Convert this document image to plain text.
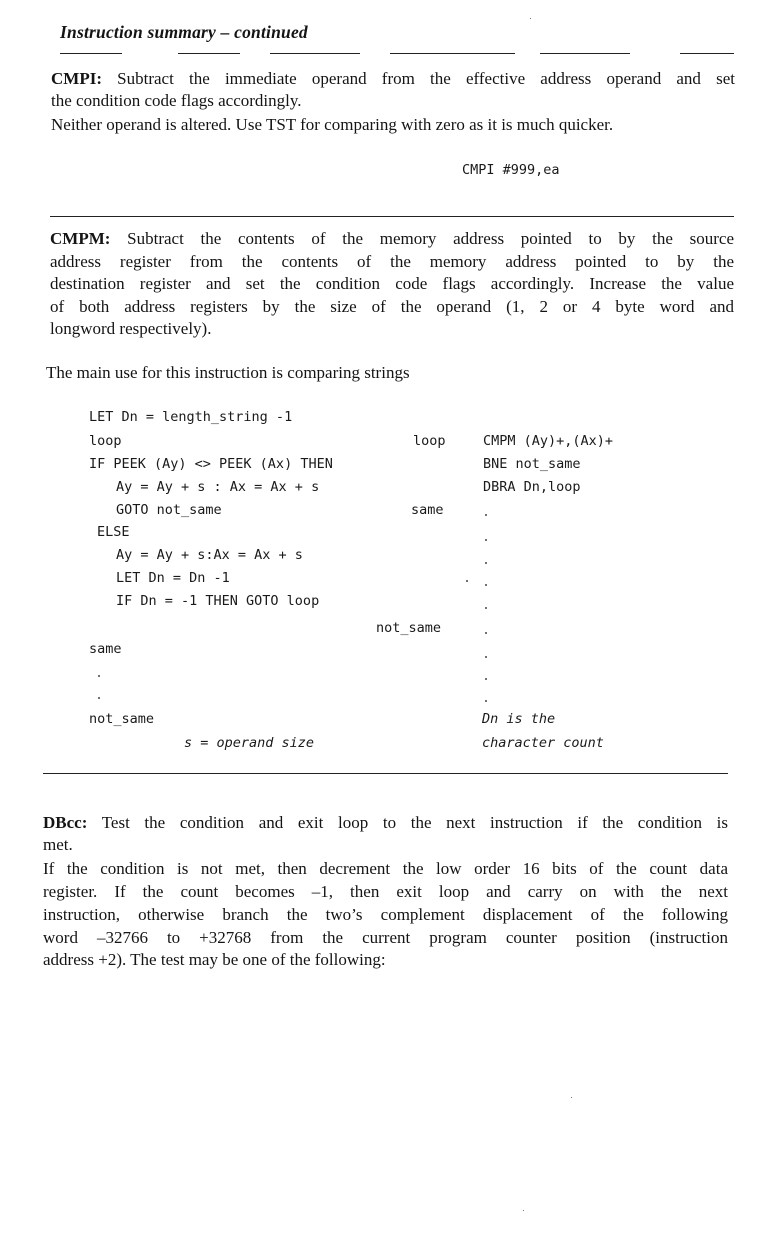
Instruction summary – continued
CMPI: Subtract the immediate operand from the effective address operand and set
the condition code flags accordingly.
Neither operand is altered. Use TST for comparing with zero as it is much quicker.
CMPI #999,ea
CMPM: Subtract the contents of the memory address pointed to by the source
address register from the contents of the memory address pointed to by the
destination register and set the condition code flags accordingly. Increase the value
of both address registers by the size of the operand (1, 2 or 4 byte word and
longword respectively).
The main use for this instruction is comparing strings
LET Dn = length_string -1
loop
IF PEEK (Ay) <> PEEK (Ax) THEN
Ay = Ay + s : Ax = Ax + s
GOTO not_same
ELSE
Ay = Ay + s:Ax = Ax + s
LET Dn = Dn -1
IF Dn = -1 THEN GOTO loop
same
not_same
s = operand size
loop
same
not_same
CMPM (Ay)+,(Ax)+
BNE not_same
DBRA Dn,loop
Dn is the
character count
DBcc: Test the condition and exit loop to the next instruction if the condition is
met.
If the condition is not met, then decrement the low order 16 bits of the count data
register. If the count becomes –1, then exit loop and carry on with the next
instruction, otherwise branch the two’s complement displacement of the following
word –32766 to +32768 from the current program counter position (instruction
address +2). The test may be one of the following:
